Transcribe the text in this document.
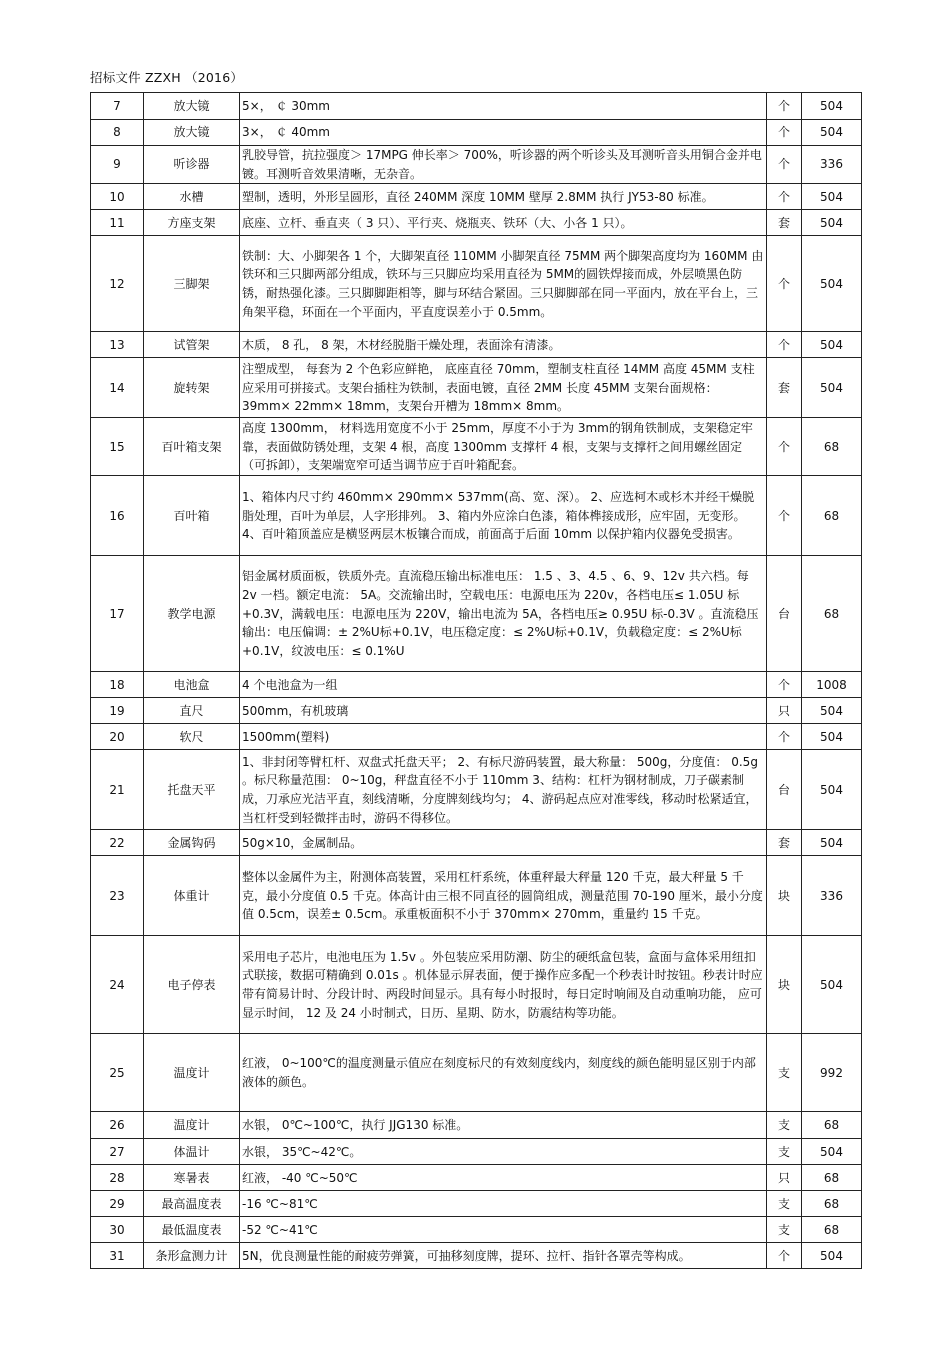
招标文件 ZZXH （2016）
7	放大镜	5×， ￠ 30mm	个	504
8	放大镜	3×， ￠ 40mm	个	504
9	听诊器	乳胶导管，抗拉强度＞ 17MPG 伸长率＞ 700%，听诊器的两个听诊头及耳测听音头用铜合金并电镀。耳测听音效果清晰，无杂音。	个	336
10	水槽	塑制，透明，外形呈圆形，直径 240MM 深度 10MM 壁厚 2.8MM 执行 JY53-80 标准。	个	504
11	方座支架	底座、立杆、垂直夹（ 3 只）、平行夹、烧瓶夹、铁环（大、小各 1 只）。	套	504
12	三脚架	铁制：大、小脚架各 1 个，大脚架直径 110MM 小脚架直径 75MM 两个脚架高度均为 160MM 由铁环和三只脚两部分组成，铁环与三只脚应均采用直径为 5MM的圆铁焊接而成，外层喷黑色防锈，耐热强化漆。三只脚脚距相等，脚与环结合紧固。三只脚脚部在同一平面内，放在平台上，三角架平稳，环面在一个平面内，平直度误差小于 0.5mm。	个	504
13	试管架	木质， 8 孔， 8 架，木材经脱脂干燥处理，表面涂有清漆。	个	504
14	旋转架	注塑成型， 每套为 2 个色彩应鲜艳， 底座直径 70mm，塑制支柱直径 14MM 高度 45MM 支柱应采用可拼接式。支架台插柱为铁制，表面电镀，直径 2MM 长度 45MM 支架台面规格： 39mm× 22mm× 18mm，支架台开槽为 18mm× 8mm。	套	504
15	百叶箱支架	高度 1300mm， 材料选用宽度不小于 25mm，厚度不小于为 3mm的钢角铁制成，支架稳定牢靠，表面做防锈处理，支架 4 根，高度 1300mm 支撑杆 4 根，支架与支撑杆之间用螺丝固定（可拆卸），支架端宽窄可适当调节应于百叶箱配套。	个	68
16	百叶箱	1、箱体内尺寸约 460mm× 290mm× 537mm(高、宽、深）。 2、应选柯木或杉木并经干燥脱脂处理，百叶为单层，人字形排列。 3、箱内外应涂白色漆，箱体榫接成形，应牢固，无变形。 4、百叶箱顶盖应是横竖两层木板镶合而成，前面高于后面 10mm 以保护箱内仪器免受损害。	个	68
17	教学电源	铝金属材质面板，铁质外壳。直流稳压输出标准电压： 1.5 、3、4.5 、6、9、12v 共六档。每 2v 一档。额定电流： 5A。交流输出时，空载电压：电源电压为 220v，各档电压≤ 1.05U 标+0.3V，满载电压：电源电压为 220V，输出电流为 5A，各档电压≥ 0.95U 标-0.3V 。直流稳压输出：电压偏调：± 2%U标+0.1V，电压稳定度：≤ 2%U标+0.1V，负载稳定度：≤ 2%U标+0.1V，纹波电压：≤ 0.1%U	台	68
18	电池盒	4 个电池盒为一组	个	1008
19	直尺	500mm，有机玻璃	只	504
20	软尺	1500mm(塑料)	个	504
21	托盘天平	1、非封闭等臂杠杆、双盘式托盘天平； 2、有标尺游码装置，最大称量： 500g，分度值： 0.5g 。标尺称量范围： 0~10g，秤盘直径不小于 110mm 3、结构：杠杆为钢材制成，刀子碳素制成，刀承应光洁平直，刻线清晰，分度牌刻线均匀； 4、游码起点应对准零线，移动时松紧适宜，当杠杆受到轻微拌击时，游码不得移位。	台	504
22	金属钩码	50g×10，金属制品。	套	504
23	体重计	整体以金属件为主，附测体高装置，采用杠杆系统，体重秤最大秤量 120 千克，最大秤量 5 千克，最小分度值 0.5 千克。体高计由三根不同直径的圆筒组成，测量范围 70-190 厘米，最小分度值 0.5cm，误差± 0.5cm。承重板面积不小于 370mm× 270mm，重量约 15 千克。	块	336
24	电子停表	采用电子芯片，电池电压为 1.5v 。外包装应采用防潮、防尘的硬纸盒包装，盒面与盒体采用纽扣式联接，数据可精确到 0.01s 。机体显示屏表面，便于操作应多配一个秒表计时按钮。秒表计时应带有简易计时、分段计时、两段时间显示。具有每小时报时，每日定时响闹及自动重响功能， 应可显示时间， 12 及 24 小时制式，日历、星期、防水，防震结构等功能。	块	504
25	温度计	红液， 0~100℃的温度测量示值应在刻度标尺的有效刻度线内，刻度线的颜色能明显区别于内部液体的颜色。	支	992
26	温度计	水银， 0℃~100℃，执行 JJG130 标准。	支	68
27	体温计	水银， 35℃~42℃。	支	504
28	寒暑表	红液， -40 ℃~50℃	只	68
29	最高温度表	-16 ℃~81℃	支	68
30	最低温度表	-52 ℃~41℃	支	68
31	条形盒测力计	5N，优良测量性能的耐疲劳弹簧，可抽移刻度牌，提环、拉杆、指针各罩壳等构成。	个	504
